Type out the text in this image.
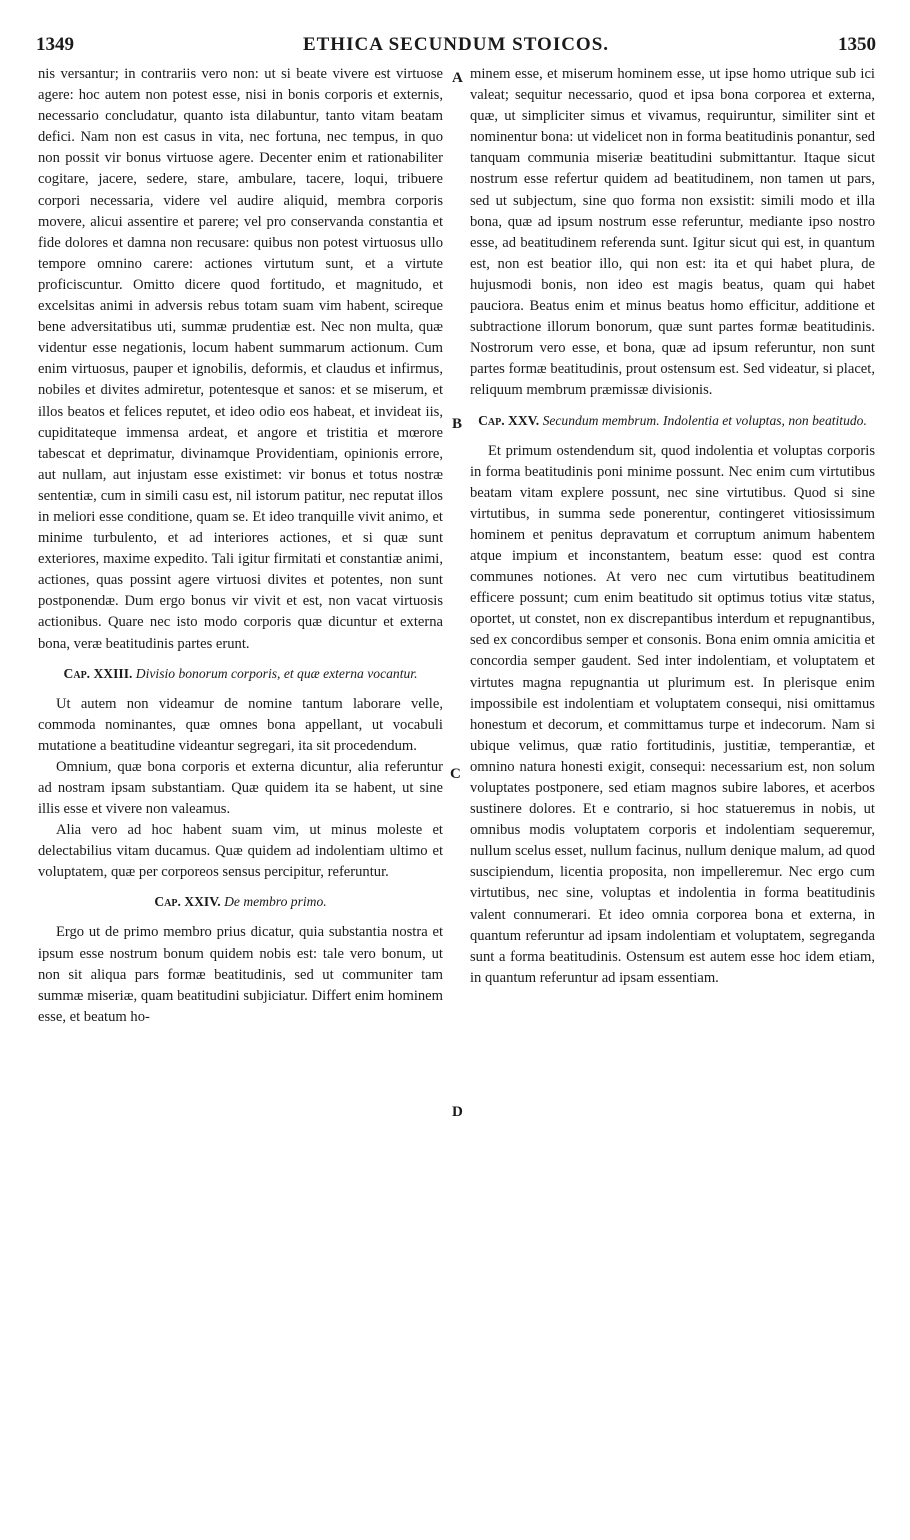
1349	ETHICA SECUNDUM STOICOS.	1350
A
B
C
D

nis versantur; in contrariis vero non: ut si beate vivere est virtuose agere: hoc autem non potest esse, nisi in bonis corporis et externis, necessario concludatur, quanto ista dilabuntur, tanto vitam beatam defici. Nam non est casus in vita, nec fortuna, nec tempus, in quo non possit vir bonus virtuose agere. Decenter enim et rationabiliter cogitare, jacere, sedere, stare, ambulare, tacere, loqui, tribuere corpori necessaria, videre vel audire aliquid, membra corporis movere, alicui assentire et parere; vel pro conservanda constantia et fide dolores et damna non recusare: quibus non potest virtuosus ullo tempore omnino carere: actiones virtutum sunt, et a virtute proficiscuntur. Omitto dicere quod fortitudo, et magnitudo, et excelsitas animi in adversis rebus totam suam vim habent, scireque bene adversitatibus uti, summæ prudentiæ est. Nec non multa, quæ videntur esse negationis, locum habent summarum actionum. Cum enim virtuosus, pauper et ignobilis, deformis, et claudus et infirmus, nobiles et divites admiretur, potentesque et sanos: et se miserum, et illos beatos et felices reputet, et ideo odio eos habeat, et invideat iis, cupiditateque immensa ardeat, et angore et tristitia et mœrore tabescat et deprimatur, divinamque Providentiam, opinionis errore, aut nullam, aut injustam esse existimet: vir bonus et totus nostræ sententiæ, cum in simili casu est, nil istorum patitur, nec reputat illos in meliori esse conditione, quam se. Et ideo tranquille vivit animo, et minime turbulento, et ad interiores actiones, et si quæ sunt exteriores, maxime expedito. Tali igitur firmitati et constantiæ animi, actiones, quas possint agere virtuosi divites et potentes, non sunt postponendæ. Dum ergo bonus vir vivit et est, non vacat virtuosis actionibus. Quare nec isto modo corporis quæ dicuntur et externa bona, veræ beatitudinis partes erunt.

Cap. XXIII. Divisio bonorum corporis, et quæ externa vocantur.

Ut autem non videamur de nomine tantum laborare velle, commoda nominantes, quæ omnes bona appellant, ut vocabuli mutatione a beatitudine videantur segregari, ita sit procedendum.

Omnium, quæ bona corporis et externa dicuntur, alia referuntur ad nostram ipsam substantiam. Quæ quidem ita se habent, ut sine illis esse et vivere non valeamus.

Alia vero ad hoc habent suam vim, ut minus moleste et delectabilius vitam ducamus. Quæ quidem ad indolentiam ultimo et voluptatem, quæ per corporeos sensus percipitur, referuntur.

Cap. XXIV. De membro primo.

Ergo ut de primo membro prius dicatur, quia substantia nostra et ipsum esse nostrum bonum quidem nobis est: tale vero bonum, ut non sit aliqua pars formæ beatitudinis, sed ut communiter tam summæ miseriæ, quam beatitudini subjiciatur. Differt enim hominem esse, et beatum ho-

minem esse, et miserum hominem esse, ut ipse homo utrique sub ici valeat; sequitur necessario, quod et ipsa bona corporea et externa, quæ, ut simpliciter simus et vivamus, requiruntur, similiter sint et nominentur bona: ut videlicet non in forma beatitudinis ponantur, sed tanquam communia miseriæ beatitudini submittantur. Itaque sicut nostrum esse refertur quidem ad beatitudinem, non tamen ut pars, sed ut subjectum, sine quo forma non exsistit: simili modo et illa bona, quæ ad ipsum nostrum esse referuntur, mediante ipso nostro esse, ad beatitudinem referenda sunt. Igitur sicut qui est, in quantum est, non est beatior illo, qui non est: ita et qui habet plura, de hujusmodi bonis, non ideo est magis beatus, quam qui habet pauciora. Beatus enim et minus beatus homo efficitur, additione et subtractione illorum bonorum, quæ sunt partes formæ beatitudinis. Nostrorum vero esse, et bona, quæ ad ipsum referuntur, non sunt partes formæ beatitudinis, prout ostensum est. Sed videatur, si placet, reliquum membrum præmissæ divisionis.

Cap. XXV. Secundum membrum. Indolentia et voluptas, non beatitudo.

Et primum ostendendum sit, quod indolentia et voluptas corporis in forma beatitudinis poni minime possunt. Nec enim cum virtutibus beatam vitam explere possunt, nec sine virtutibus. Quod si sine virtutibus, in summa sede ponerentur, contingeret vitiosissimum hominem et penitus depravatum et corruptum animum habentem atque impium et inconstantem, beatum esse: quod est contra communes notiones. At vero nec cum virtutibus beatitudinem efficere possunt; cum enim beatitudo sit optimus totius vitæ status, oportet, ut constet, non ex discrepantibus interdum et repugnantibus, sed ex concordibus semper et consonis. Bona enim omnia amicitia et concordia semper gaudent. Sed inter indolentiam, et voluptatem et virtutes magna repugnantia ut plurimum est. In plerisque enim impossibile est indolentiam et voluptatem consequi, nisi omittamus honestum et decorum, et committamus turpe et indecorum. Nam si ubique velimus, quæ ratio fortitudinis, justitiæ, temperantiæ, et omnino natura honesti exigit, consequi: necessarium est, non solum voluptates postponere, sed etiam magnos subire labores, et acerbos sustinere dolores. Et e contrario, si hoc statueremus in nobis, ut omnibus modis voluptatem corporis et indolentiam sequeremur, nullum scelus esset, nullum facinus, nullum denique malum, ad quod suscipiendum, licentia proposita, non impelleremur. Nec ergo cum virtutibus, nec sine, voluptas et indolentia in forma beatitudinis valent connumerari. Et ideo omnia corporea bona et externa, in quantum referuntur ad ipsam indolentiam et voluptatem, segreganda sunt a forma beatitudinis. Ostensum est autem esse hoc idem etiam, in quantum referuntur ad ipsam essentiam.
